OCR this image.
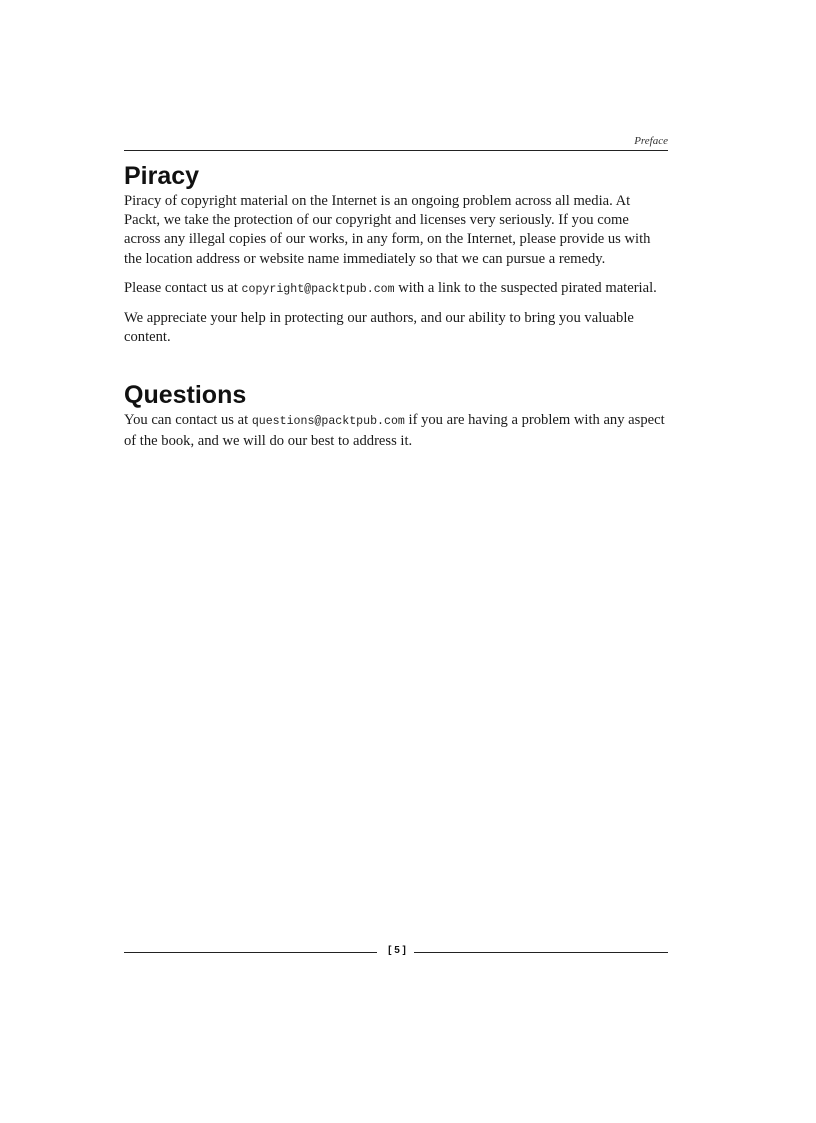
Preface
Piracy

Piracy of copyright material on the Internet is an ongoing problem across all media. At Packt, we take the protection of our copyright and licenses very seriously. If you come across any illegal copies of our works, in any form, on the Internet, please provide us with the location address or website name immediately so that we can pursue a remedy.

Please contact us at copyright@packtpub.com with a link to the suspected pirated material.

We appreciate your help in protecting our authors, and our ability to bring you valuable content.

Questions

You can contact us at questions@packtpub.com if you are having a problem with any aspect of the book, and we will do our best to address it.

[ 5 ]
